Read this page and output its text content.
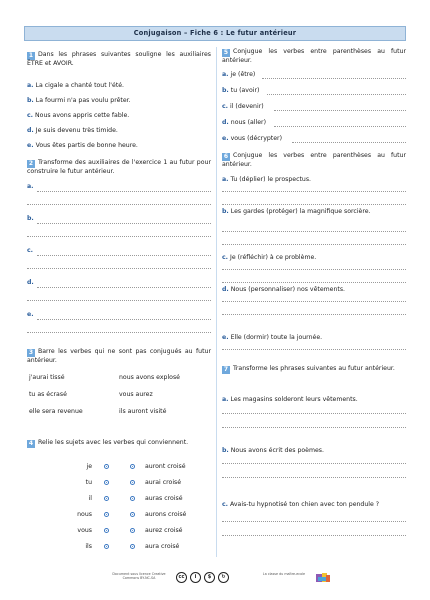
Conjugaison – Fiche 6 : Le futur antérieur
1 Dans les phrases suivantes souligne les auxiliaires ÊTRE et AVOIR.
a. La cigale a chanté tout l'été.
b. La fourmi n'a pas voulu prêter.
c. Nous avons appris cette fable.
d. Je suis devenu très timide.
e. Vous êtes partis de bonne heure.
2 Transforme des auxiliaires de l'exercice 1 au futur pour construire le futur antérieur.
a.
b.
c.
d.
e.
3 Barre les verbes qui ne sont pas conjugués au futur antérieur.
j'aurai tissé	nous avons explosé
tu as écrasé	vous aurez
elle sera revenue	ils auront visité
4 Relie les sujets avec les verbes qui conviennent.
je	auront croisé
tu	aurai croisé
il	auras croisé
nous	aurons croisé
vous	aurez croisé
ils	aura croisé
5 Conjugue les verbes entre parenthèses au futur antérieur.
a. je (être)
b. tu (avoir)
c. il (devenir)
d. nous (aller)
e. vous (décrypter)
6 Conjugue les verbes entre parenthèses au futur antérieur.
a. Tu (déplier) le prospectus.
b. Les gardes (protéger) la magnifique sorcière.
c. Je (réfléchir) à ce problème.
d. Nous (personnaliser) nos vêtements.
e. Elle (dormir) toute la journée.
7 Transforme les phrases suivantes au futur antérieur.
a. Les magasins solderont leurs vêtements.
b. Nous avons écrit des poèmes.
c. Avais-tu hypnotisé ton chien avec ton pendule ?
Document sous licence Creative Commons BY-NC-SA	cc	i	$	↻	La classe du maître-ecole
